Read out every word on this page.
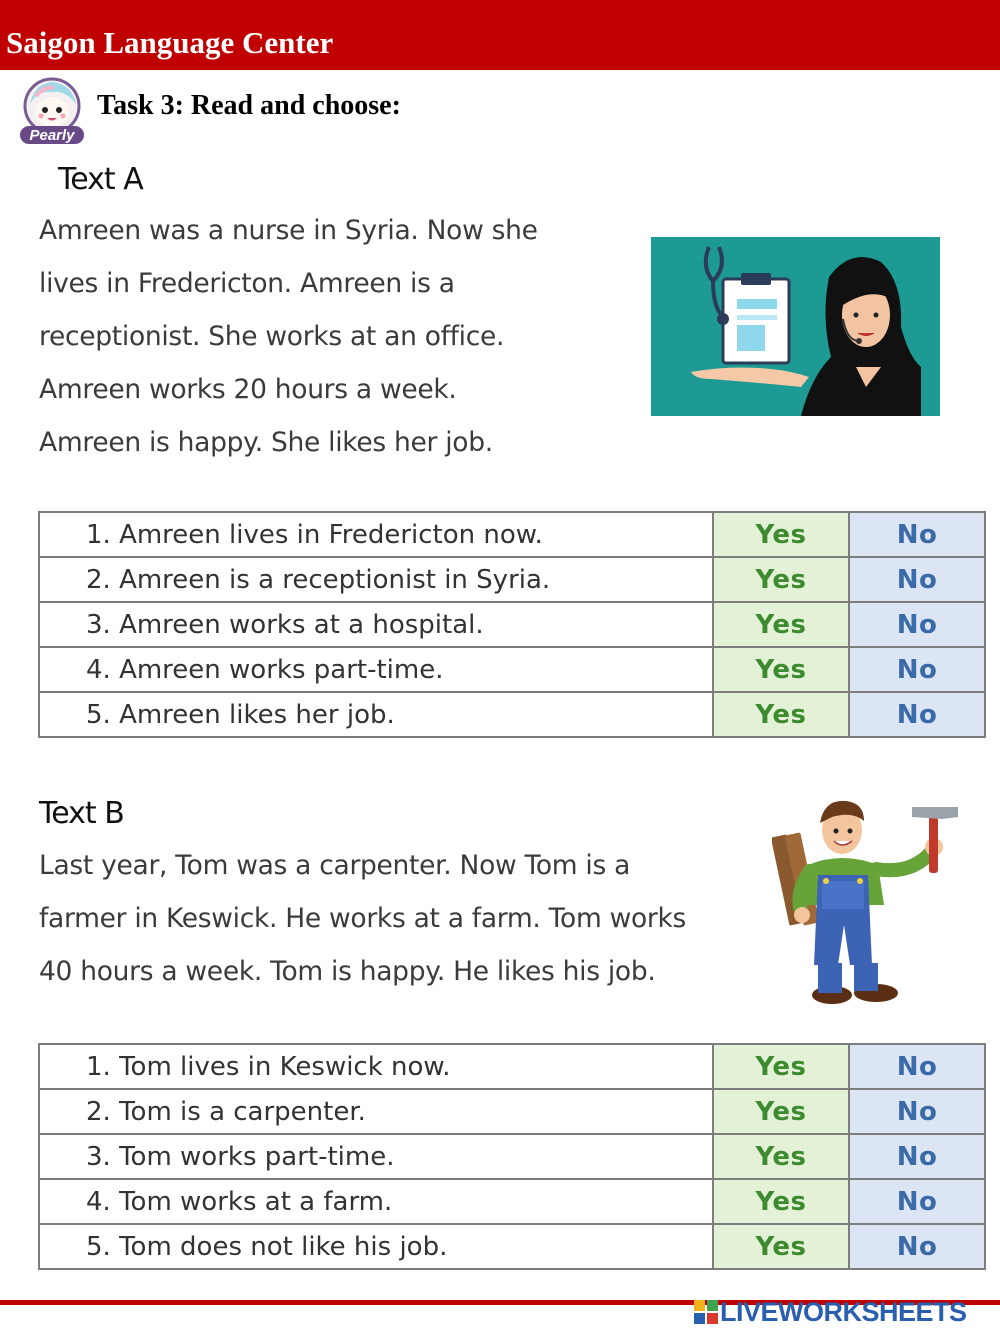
Saigon Language Center
Pearly
Task 3: Read and choose:
Text A
Amreen was a nurse in Syria. Now she
lives in Fredericton. Amreen is a
receptionist. She works at an office.
Amreen works 20 hours a week.
Amreen is happy. She likes her job.
1. Amreen lives in Fredericton now.	Yes	No
2. Amreen is a receptionist in Syria.	Yes	No
3. Amreen works at a hospital.	Yes	No
4. Amreen works part-time.	Yes	No
5. Amreen likes her job.	Yes	No
Text B
Last year, Tom was a carpenter. Now Tom is a
farmer in Keswick. He works at a farm. Tom works
40 hours a week. Tom is happy. He likes his job.
1. Tom lives in Keswick now.	Yes	No
2. Tom is a carpenter.	Yes	No
3. Tom works part-time.	Yes	No
4. Tom works at a farm.	Yes	No
5. Tom does not like his job.	Yes	No
LIVEWORKSHEETS
